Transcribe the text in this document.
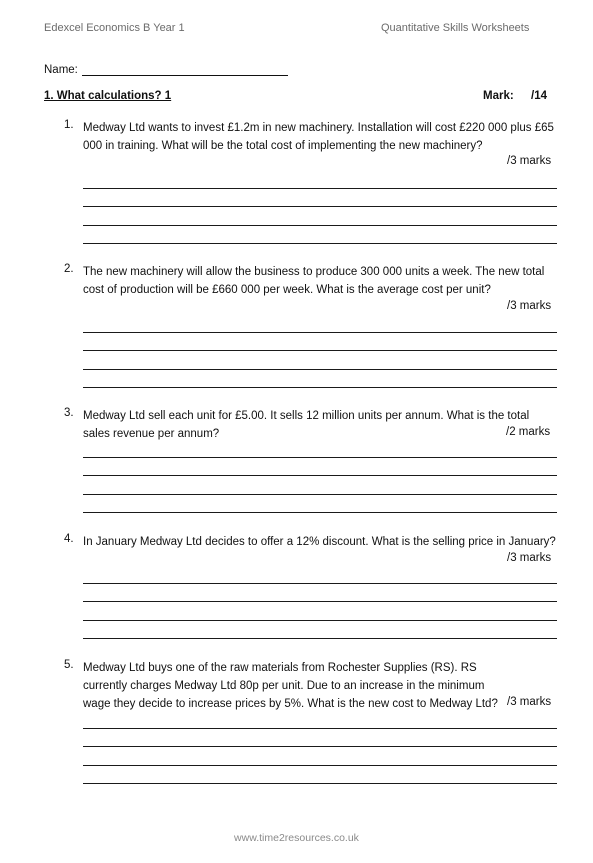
Edexcel Economics B Year 1	Quantitative Skills Worksheets
Name:
1. What calculations? 1	Mark: /14
1. Medway Ltd wants to invest £1.2m in new machinery. Installation will cost £220 000 plus £65 000 in training. What will be the total cost of implementing the new machinery?
/3 marks
2. The new machinery will allow the business to produce 300 000 units a week. The new total cost of production will be £660 000 per week. What is the average cost per unit?
/3 marks
3. Medway Ltd sell each unit for £5.00. It sells 12 million units per annum. What is the total sales revenue per annum?	/2 marks
4. In January Medway Ltd decides to offer a 12% discount. What is the selling price in January?
/3 marks
5. Medway Ltd buys one of the raw materials from Rochester Supplies (RS). RS currently charges Medway Ltd 80p per unit. Due to an increase in the minimum wage they decide to increase prices by 5%. What is the new cost to Medway Ltd? /3 marks
www.time2resources.co.uk
